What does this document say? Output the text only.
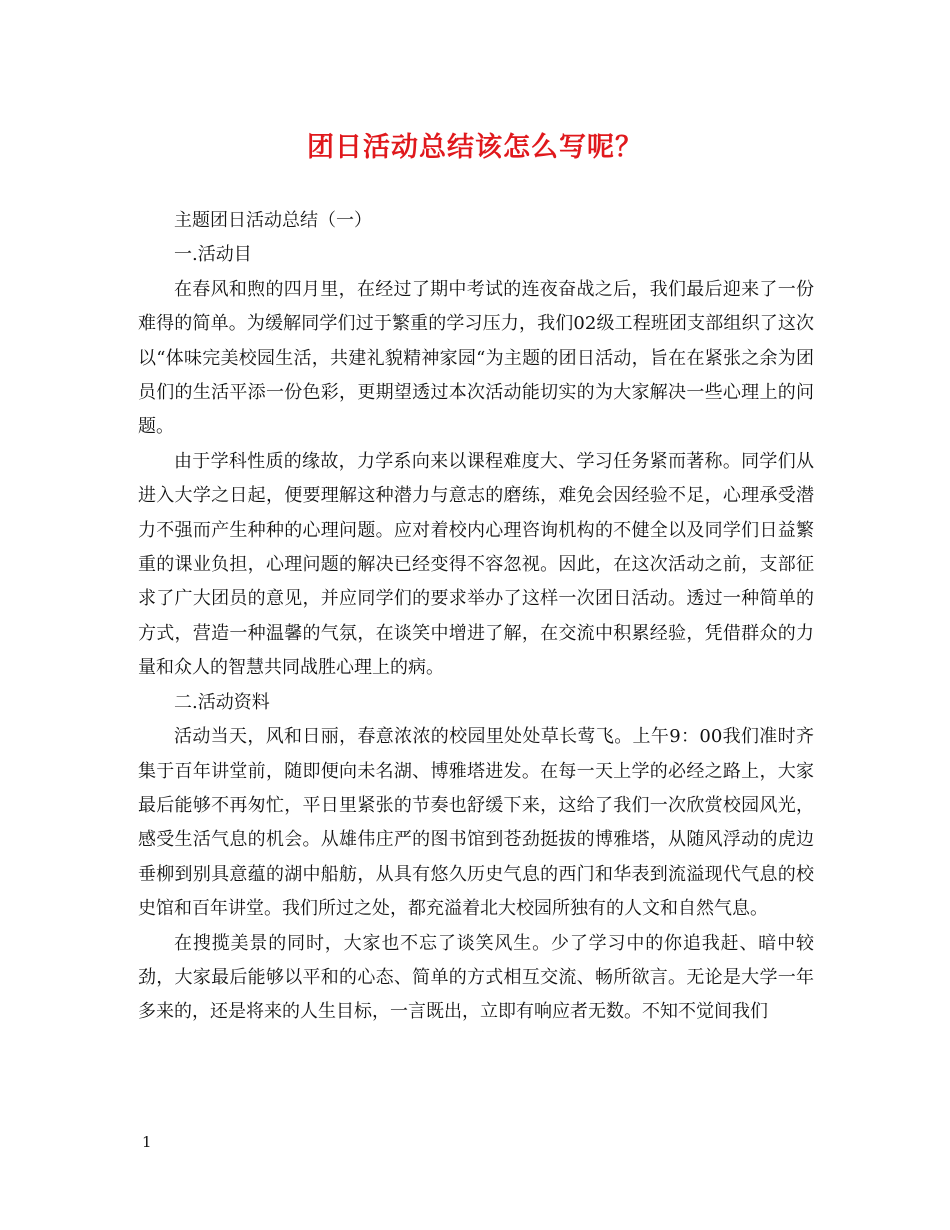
团日活动总结该怎么写呢？

主题团日活动总结（一）

一.活动目

在春风和煦的四月里，在经过了期中考试的连夜奋战之后，我们最后迎来了一份难得的简单。为缓解同学们过于繁重的学习压力，我们02级工程班团支部组织了这次以“体味完美校园生活，共建礼貌精神家园“为主题的团日活动，旨在在紧张之余为团员们的生活平添一份色彩，更期望透过本次活动能切实的为大家解决一些心理上的问题。

由于学科性质的缘故，力学系向来以课程难度大、学习任务紧而著称。同学们从进入大学之日起，便要理解这种潜力与意志的磨练，难免会因经验不足，心理承受潜力不强而产生种种的心理问题。应对着校内心理咨询机构的不健全以及同学们日益繁重的课业负担，心理问题的解决已经变得不容忽视。因此，在这次活动之前，支部征求了广大团员的意见，并应同学们的要求举办了这样一次团日活动。透过一种简单的方式，营造一种温馨的气氛，在谈笑中增进了解，在交流中积累经验，凭借群众的力量和众人的智慧共同战胜心理上的病。

二.活动资料

活动当天，风和日丽，春意浓浓的校园里处处草长莺飞。上午9：00我们准时齐集于百年讲堂前，随即便向未名湖、博雅塔进发。在每一天上学的必经之路上，大家最后能够不再匆忙，平日里紧张的节奏也舒缓下来，这给了我们一次欣赏校园风光，感受生活气息的机会。从雄伟庄严的图书馆到苍劲挺拔的博雅塔，从随风浮动的虎边垂柳到别具意蕴的湖中船舫，从具有悠久历史气息的西门和华表到流溢现代气息的校史馆和百年讲堂。我们所过之处，都充溢着北大校园所独有的人文和自然气息。

在搜揽美景的同时，大家也不忘了谈笑风生。少了学习中的你追我赶、暗中较劲，大家最后能够以平和的心态、简单的方式相互交流、畅所欲言。无论是大学一年多来的，还是将来的人生目标，一言既出，立即有响应者无数。不知不觉间我们

1
